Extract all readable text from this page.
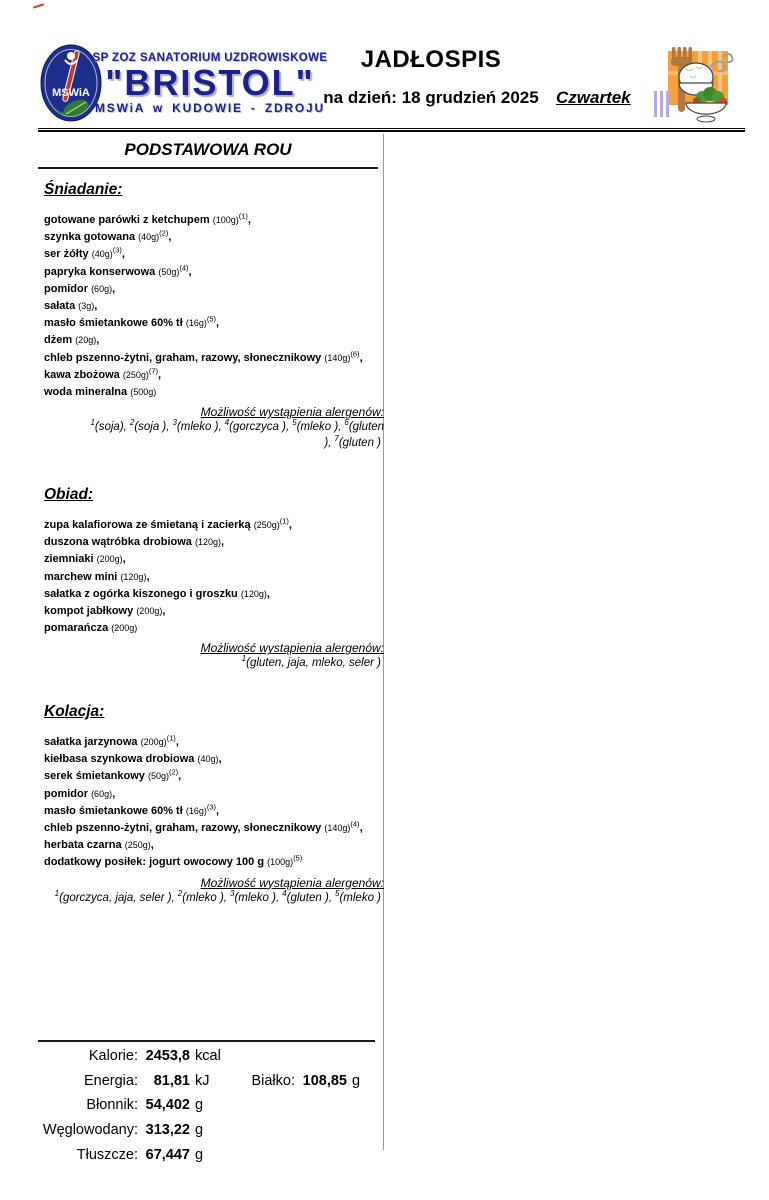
MSWiA
SP ZOZ SANATORIUM UZDROWISKOWE
"BRISTOL"
MSWiA w KUDOWIE - ZDROJU
JADŁOSPIS
na dzień: 18 grudzień 2025 Czwartek
PODSTAWOWA ROU
Śniadanie:
gotowane parówki z ketchupem $(100g)^{(1)}$,
szynka gotowana $(40g)^{(2)}$,
ser żółty $(40g)^{(3)}$,
papryka konserwowa $(50g)^{(4)}$,
pomidor (60g),
sałata (3g),
masło śmietankowe 60% tł $(16g)^{(5)}$,
dżem (20g),
chleb pszenno-żytni, graham, razowy, słonecznikowy $(140g)^{(6)}$,
kawa zbożowa $(250g)^{(7)}$,
woda mineralna (500g)
Możliwość wystąpienia alergenów:
$^1$(soja), $^2$(soja ), $^3$(mleko ), $^4$(gorczyca ), $^5$(mleko ), $^6$(gluten ), $^7$(gluten )
Obiad:
zupa kalafiorowa ze śmietaną i zacierką $(250g)^{(1)}$,
duszona wątróbka drobiowa (120g),
ziemniaki (200g),
marchew mini (120g),
sałatka z ogórka kiszonego i groszku (120g),
kompot jabłkowy (200g),
pomarańcza (200g)
Możliwość wystąpienia alergenów:
$^1$(gluten, jaja, mleko, seler )
Kolacja:
sałatka jarzynowa $(200g)^{(1)}$,
kiełbasa szynkowa drobiowa (40g),
serek śmietankowy $(50g)^{(2)}$,
pomidor (60g),
masło śmietankowe 60% tł $(16g)^{(3)}$,
chleb pszenno-żytni, graham, razowy, słonecznikowy $(140g)^{(4)}$,
herbata czarna (250g),
dodatkowy posiłek: jogurt owocowy 100 g $(100g)^{(5)}$
Możliwość wystąpienia alergenów:
$^1$(gorczyca, jaja, seler ), $^2$(mleko ), $^3$(mleko ), $^4$(gluten ), $^5$(mleko )
Kalorie: 2453,8 kcal
Energia:	81,81 kJ
Błonnik: 54,402 g
Węglowodany: 313,22 g
Tłuszcze: 67,447 g
Białko: 108,85 g
